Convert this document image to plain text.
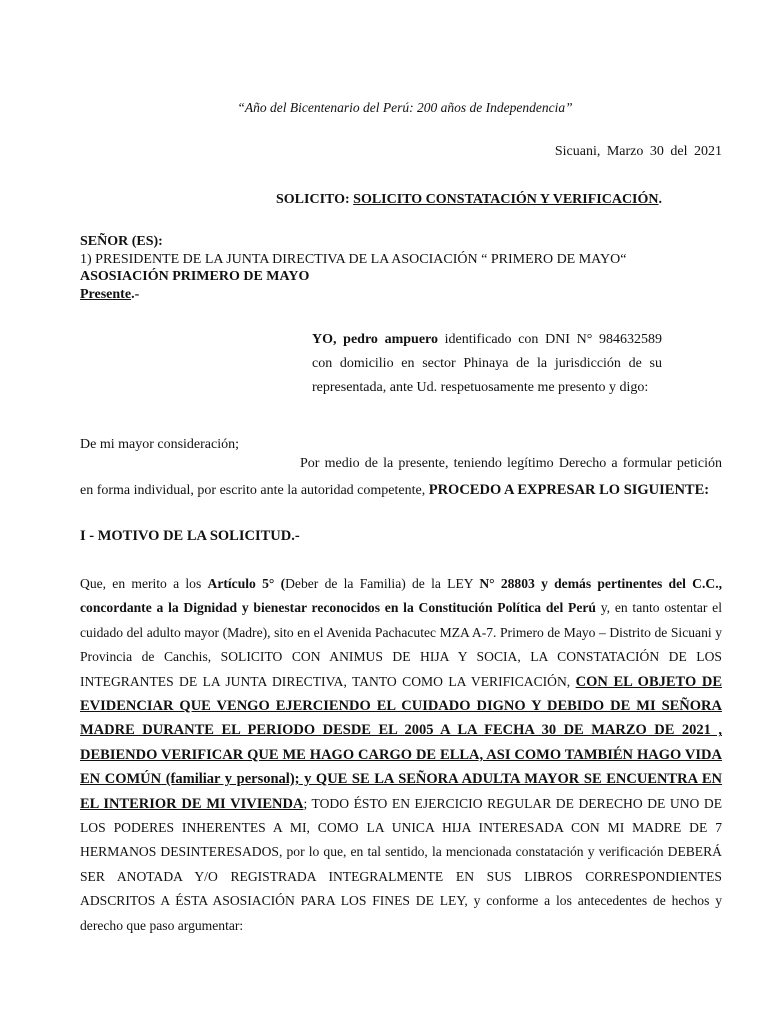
“Año del Bicentenario del Perú: 200 años de Independencia”
Sicuani, Marzo 30 del 2021
SOLICITO: SOLICITO CONSTATACIÓN Y VERIFICACIÓN.
SEÑOR (ES):
1) PRESIDENTE DE LA JUNTA DIRECTIVA DE LA ASOCIACIÓN “ PRIMERO DE MAYO“
ASOSIACIÓN PRIMERO DE MAYO
Presente.-
YO, pedro ampuero identificado con DNI N° 984632589 con domicilio en sector Phinaya de la jurisdicción de su representada, ante Ud. respetuosamente me presento y digo:
De mi mayor consideración;
Por medio de la presente, teniendo legítimo Derecho a formular petición en forma individual, por escrito ante la autoridad competente, PROCEDO A EXPRESAR LO SIGUIENTE:
I - MOTIVO DE LA SOLICITUD.-
Que, en merito a los Artículo 5° (Deber de la Familia) de la LEY N° 28803 y demás pertinentes del C.C., concordante a la Dignidad y bienestar reconocidos en la Constitución Política del Perú y, en tanto ostentar el cuidado del adulto mayor (Madre), sito en el Avenida Pachacutec MZA A-7. Primero de Mayo – Distrito de Sicuani y Provincia de Canchis, SOLICITO CON ANIMUS DE HIJA Y SOCIA, LA CONSTATACIÓN DE LOS INTEGRANTES DE LA JUNTA DIRECTIVA, TANTO COMO LA VERIFICACIÓN, CON EL OBJETO DE EVIDENCIAR QUE VENGO EJERCIENDO EL CUIDADO DIGNO Y DEBIDO DE MI SEÑORA MADRE DURANTE EL PERIODO DESDE EL 2005 A LA FECHA 30 DE MARZO DE 2021 , DEBIENDO VERIFICAR QUE ME HAGO CARGO DE ELLA, ASI COMO TAMBIÉN HAGO VIDA EN COMÚN (familiar y personal); y QUE SE LA SEÑORA ADULTA MAYOR SE ENCUENTRA EN EL INTERIOR DE MI VIVIENDA; TODO ÉSTO EN EJERCICIO REGULAR DE DERECHO DE UNO DE LOS PODERES INHERENTES A MI, COMO LA UNICA HIJA INTERESADA CON MI MADRE DE 7 HERMANOS DESINTERESADOS, por lo que, en tal sentido, la mencionada constatación y verificación DEBERÁ SER ANOTADA Y/O REGISTRADA INTEGRALMENTE EN SUS LIBROS CORRESPONDIENTES ADSCRITOS A ÉSTA ASOSIACIÓN PARA LOS FINES DE LEY, y conforme a los antecedentes de hechos y derecho que paso argumentar:
